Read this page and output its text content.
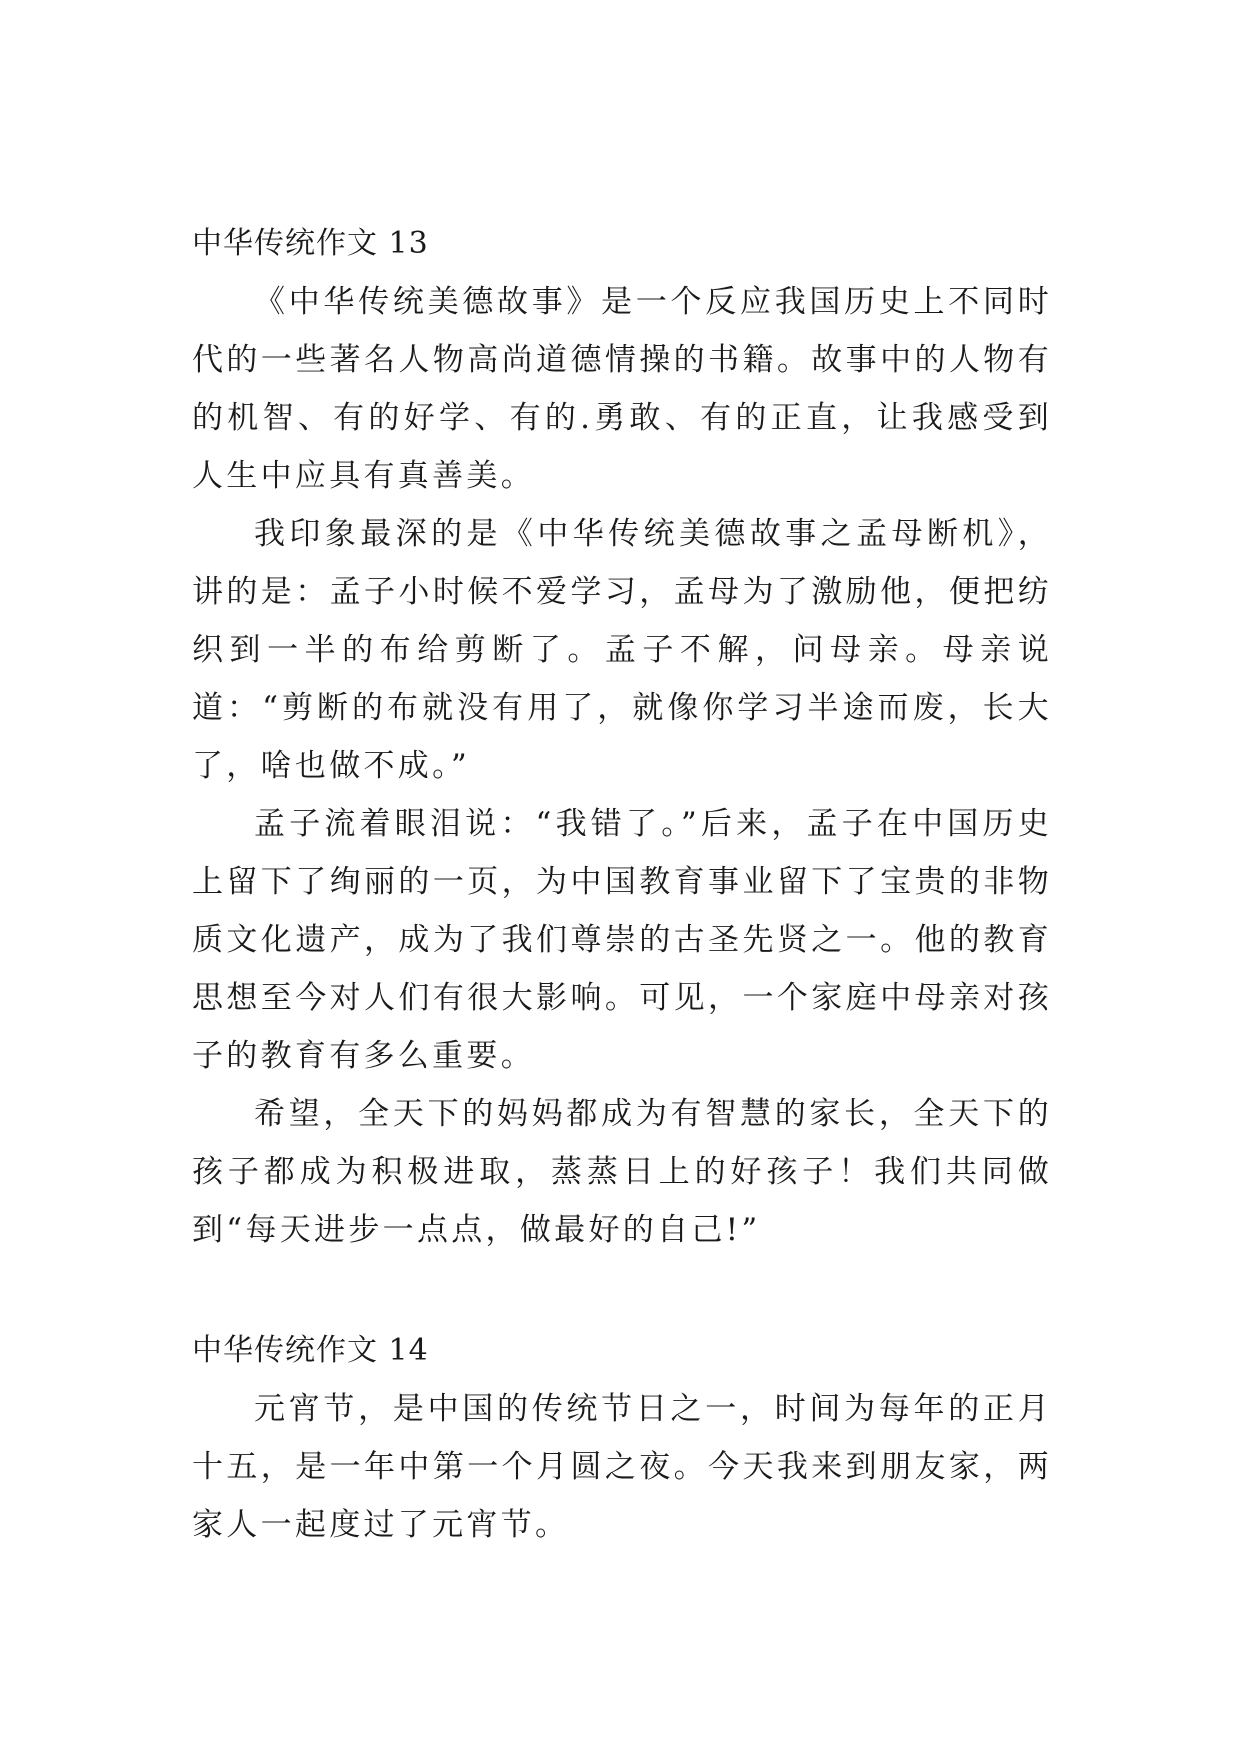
中华传统作文 13

《中华传统美德故事》是一个反应我国历史上不同时代的一些著名人物高尚道德情操的书籍。故事中的人物有的机智、有的好学、有的.勇敢、有的正直，让我感受到人生中应具有真善美。

我印象最深的是《中华传统美德故事之孟母断机》，讲的是：孟子小时候不爱学习，孟母为了激励他，便把纺织到一半的布给剪断了。孟子不解，问母亲。母亲说道：“剪断的布就没有用了，就像你学习半途而废，长大了，啥也做不成。”

孟子流着眼泪说：“我错了。”后来，孟子在中国历史上留下了绚丽的一页，为中国教育事业留下了宝贵的非物质文化遗产，成为了我们尊崇的古圣先贤之一。他的教育思想至今对人们有很大影响。可见，一个家庭中母亲对孩子的教育有多么重要。

希望，全天下的妈妈都成为有智慧的家长，全天下的孩子都成为积极进取，蒸蒸日上的好孩子！我们共同做到“每天进步一点点，做最好的自己!”

中华传统作文 14

元宵节，是中国的传统节日之一，时间为每年的正月十五，是一年中第一个月圆之夜。今天我来到朋友家，两家人一起度过了元宵节。
